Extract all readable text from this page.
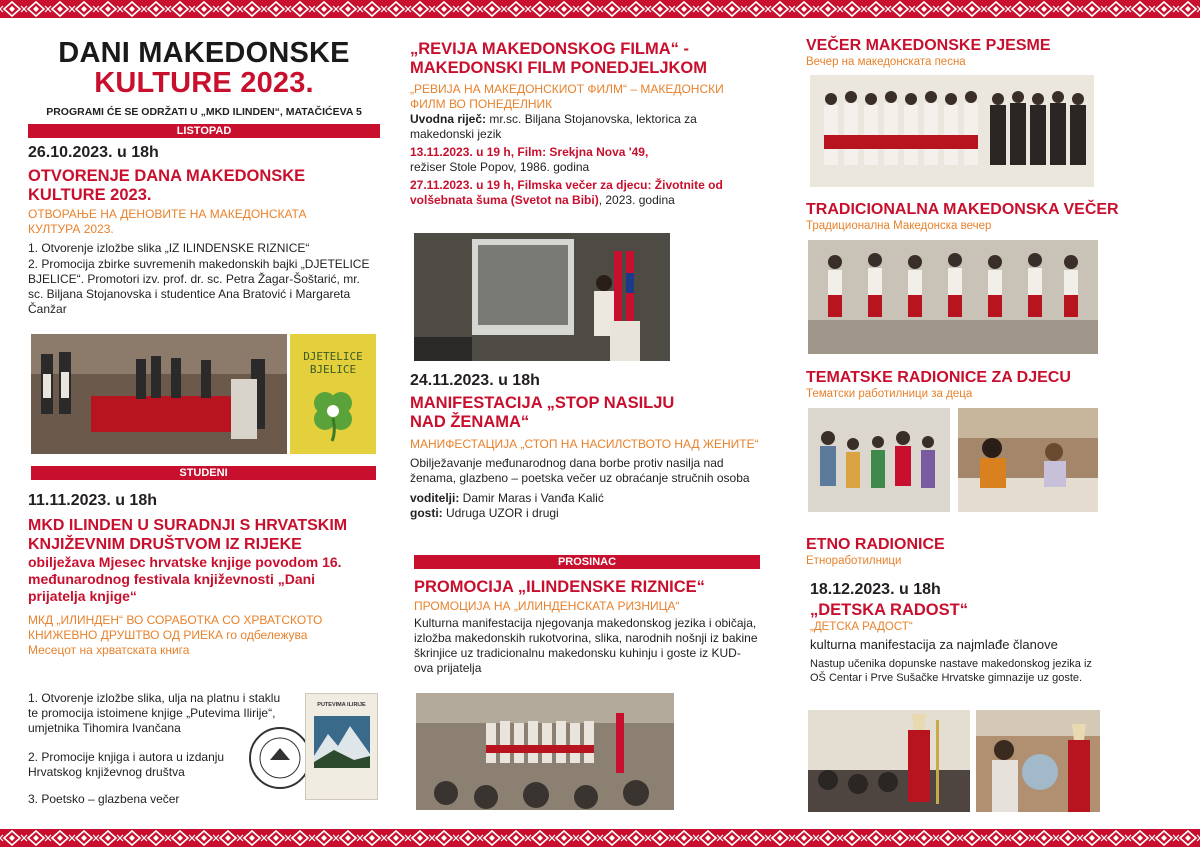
DANI MAKEDONSKE
KULTURE 2023.
PROGRAMI ĆE SE ODRŽATI U „MKD ILINDEN“, MATAČIĆEVA 5
LISTOPAD
26.10.2023. u 18h
OTVORENJE DANA MAKEDONSKE KULTURE 2023.
ОТВОРАЊЕ НА ДЕНОВИТЕ НА МАКЕДОНСКАТА КУЛТУРА 2023.
1. Otvorenje izložbe slika „IZ ILINDENSKE RIZNICE“
2. Promocija zbirke suvremenih makedonskih bajki „DJETELICE BJELICE“. Promotori izv. prof. dr. sc. Petra Žagar-Šoštarić, mr. sc. Biljana Stojanovska i studentice Ana Bratović i Margareta Čanžar
DJETELICE
BJELICE
STUDENI
11.11.2023. u 18h
MKD ILINDEN U SURADNJI S HRVATSKIM KNJIŽEVNIM DRUŠTVOM IZ RIJEKE
obilježava Mjesec hrvatske knjige povodom 16. međunarodnog festivala književnosti „Dani prijatelja knjige“
МКД „ИЛИНДЕН“ ВО СОРАБОТКА СО ХРВАТСКОТО КНИЖЕВНО ДРУШТВО ОД РИЕКА го одбележува Месецот на хрватската книга
1. Otvorenje izložbe slika, ulja na platnu i staklu te promocija istoimene knjige „Putevima Ilirije“, umjetnika Tihomira Ivančana
2. Promocije knjiga i autora u izdanju Hrvatskog književnog društva
3. Poetsko – glazbena večer
PUTEVIMA ILIRIJE
„REVIJA MAKEDONSKOG FILMA“ - MAKEDONSKI FILM PONEDJELJKOM
„РЕВИЈА НА МАКЕДОНСКИОТ ФИЛМ“ – МАКЕДОНСКИ ФИЛМ ВО ПОНЕДЕЛНИК
Uvodna riječ: mr.sc. Biljana Stojanovska, lektorica za makedonski jezik
13.11.2023. u 19 h, Film: Srekjna Nova '49,
režiser Stole Popov, 1986. godina
27.11.2023. u 19 h, Filmska večer za djecu: Životnite od volšebnata šuma (Svetot na Bibi), 2023. godina
24.11.2023. u 18h
MANIFESTACIJA „STOP NASILJU NAD ŽENAMA“
МАНИФЕСТАЦИЈА „СТОП НА НАСИЛСТВОТО НАД ЖЕНИТЕ“
Obilježavanje međunarodnog dana borbe protiv nasilja nad ženama, glazbeno – poetska večer uz obraćanje stručnih osoba
voditelji: Damir Maras i Vanđa Kalić
gosti: Udruga UZOR i drugi
PROSINAC
PROMOCIJA „ILINDENSKE RIZNICE“
ПРОМОЦИЈА НА „ИЛИНДЕНСКАТА РИЗНИЦА“
Kulturna manifestacija njegovanja makedonskog jezika i običaja, izložba makedonskih rukotvorina, slika, narodnih nošnji iz bakine škrinjice uz tradicionalnu makedonsku kuhinju i goste iz KUD-ova prijatelja
VEČER MAKEDONSKE PJESME
Вечер на македонската песна
TRADICIONALNA MAKEDONSKA VEČER
Традиционална Македонска вечер
TEMATSKE RADIONICE ZA DJECU
Тематски работилници за деца
ETNO RADIONICE
Етноработилници
18.12.2023. u 18h
„DETSKA RADOST“
„ДЕТСКА РАДОСТ“
kulturna manifestacija za najmlađe članove
Nastup učenika dopunske nastave makedonskog jezika iz OŠ Centar i Prve Sušačke Hrvatske gimnazije uz goste.
